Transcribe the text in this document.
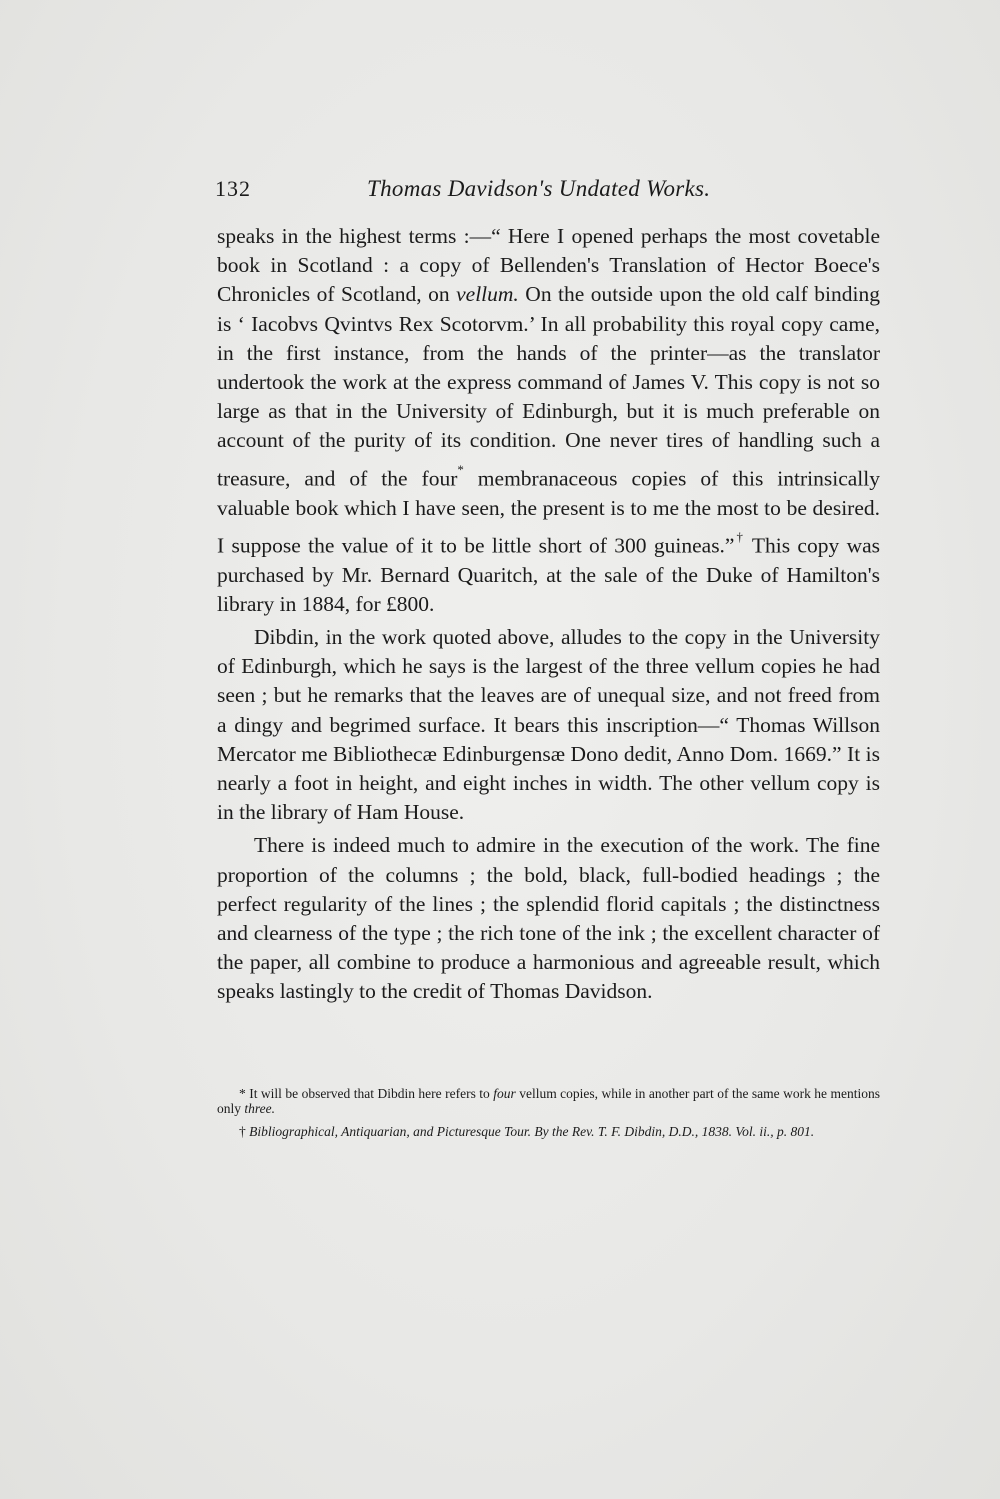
132	Thomas Davidson's Undated Works.

speaks in the highest terms :—“ Here I opened perhaps the most covetable book in Scotland : a copy of Bellenden's Translation of Hector Boece's Chronicles of Scotland, on vellum. On the outside upon the old calf binding is ‘ Iacobvs Qvintvs Rex Scotorvm.’ In all probability this royal copy came, in the first instance, from the hands of the printer—as the translator undertook the work at the express command of James V. This copy is not so large as that in the University of Edinburgh, but it is much preferable on account of the purity of its condition. One never tires of handling such a treasure, and of the four* membranaceous copies of this intrinsically valuable book which I have seen, the present is to me the most to be desired. I suppose the value of it to be little short of 300 guineas.”† This copy was purchased by Mr. Bernard Quaritch, at the sale of the Duke of Hamilton's library in 1884, for £800.

Dibdin, in the work quoted above, alludes to the copy in the University of Edinburgh, which he says is the largest of the three vellum copies he had seen ; but he remarks that the leaves are of unequal size, and not freed from a dingy and begrimed surface. It bears this inscription—“ Thomas Willson Mercator me Bibliothecæ Edinburgensæ Dono dedit, Anno Dom. 1669.” It is nearly a foot in height, and eight inches in width. The other vellum copy is in the library of Ham House.

There is indeed much to admire in the execution of the work. The fine proportion of the columns ; the bold, black, full-bodied headings ; the perfect regularity of the lines ; the splendid florid capitals ; the distinctness and clearness of the type ; the rich tone of the ink ; the excellent character of the paper, all combine to produce a harmonious and agreeable result, which speaks lastingly to the credit of Thomas Davidson.

* It will be observed that Dibdin here refers to four vellum copies, while in another part of the same work he mentions only three.

† Bibliographical, Antiquarian, and Picturesque Tour. By the Rev. T. F. Dibdin, D.D., 1838. Vol. ii., p. 801.
